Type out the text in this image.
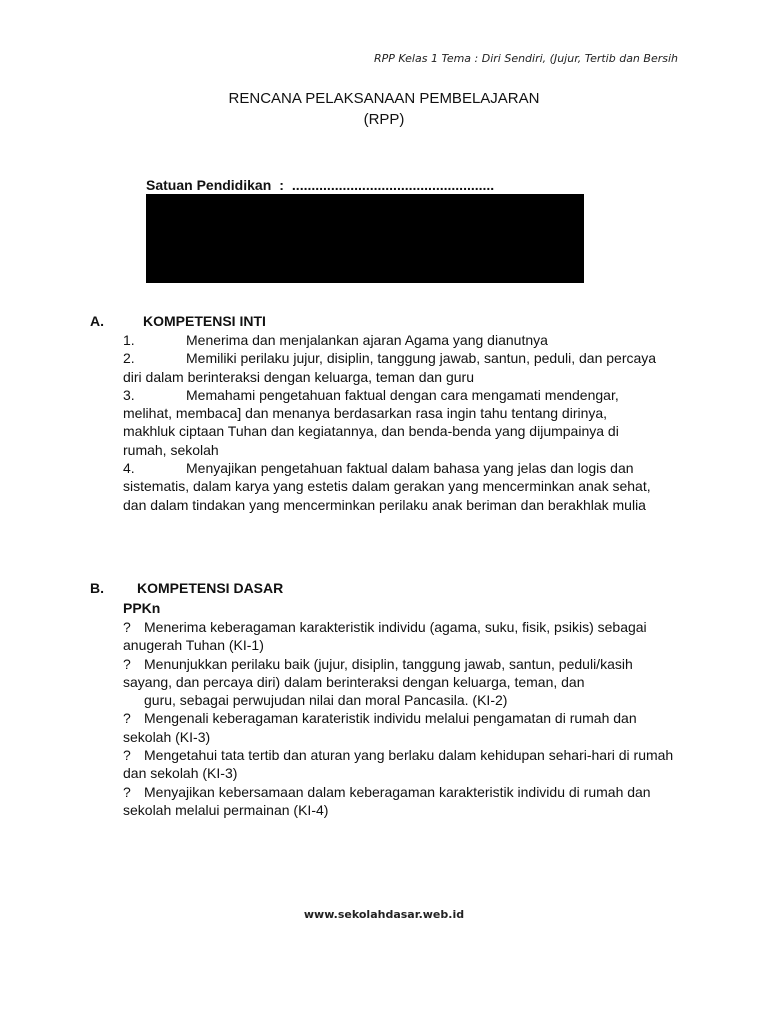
RPP Kelas 1 Tema : Diri Sendiri, (Jujur, Tertib dan Bersih
RENCANA PELAKSANAAN PEMBELAJARAN
(RPP)
Satuan Pendidikan : ....................................................
A.	KOMPETENSI INTI

1.	Menerima dan menjalankan ajaran Agama yang dianutnya

2.	Memiliki perilaku jujur, disiplin, tanggung jawab, santun, peduli, dan percaya diri dalam berinteraksi dengan keluarga, teman dan guru

3.	Memahami pengetahuan faktual dengan cara mengamati mendengar, melihat, membaca] dan menanya berdasarkan rasa ingin tahu tentang dirinya, makhluk ciptaan Tuhan dan kegiatannya, dan benda-benda yang dijumpainya di rumah, sekolah

4.	Menyajikan pengetahuan faktual dalam bahasa yang jelas dan logis dan sistematis, dalam karya yang estetis dalam gerakan yang mencerminkan anak sehat, dan dalam tindakan yang mencerminkan perilaku anak beriman dan berakhlak mulia

B. KOMPETENSI DASAR
PPKn

? Menerima keberagaman karakteristik individu (agama, suku, fisik, psikis) sebagai anugerah Tuhan (KI-1)

? Menunjukkan perilaku baik (jujur, disiplin, tanggung jawab, santun, peduli/kasih sayang, dan percaya diri) dalam berinteraksi dengan keluarga, teman, dan
guru, sebagai perwujudan nilai dan moral Pancasila. (KI-2)

? Mengenali keberagaman karateristik individu melalui pengamatan di rumah dan sekolah (KI-3)

? Mengetahui tata tertib dan aturan yang berlaku dalam kehidupan sehari-hari di rumah dan sekolah (KI-3)

? Menyajikan kebersamaan dalam keberagaman karakteristik individu di rumah dan sekolah melalui permainan (KI-4)

www.sekolahdasar.web.id
